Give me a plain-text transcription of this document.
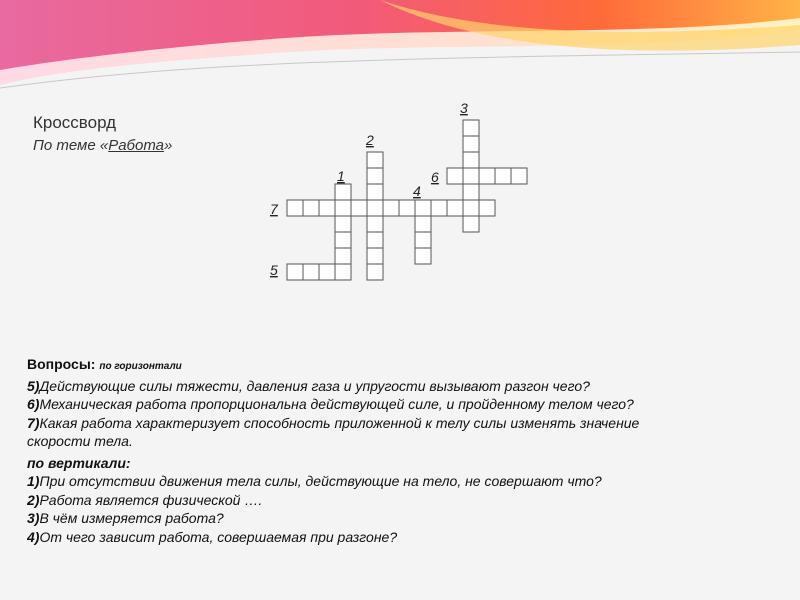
Кроссворд
По теме «Работа»
1
2
3
4
5
6
7
Вопросы: по горизонтали
5)Действующие силы тяжести, давления газа и упругости вызывают разгон чего?
6)Механическая работа пропорциональна действующей силе, и пройденному телом чего?
7)Какая работа характеризует способность приложенной к телу силы изменять значение
скорости тела.
по вертикали:
1)При отсутствии движения тела силы, действующие на тело, не совершают что?
2)Работа является физической ….
3)В чём измеряется работа?
4)От чего зависит работа, совершаемая при разгоне?
